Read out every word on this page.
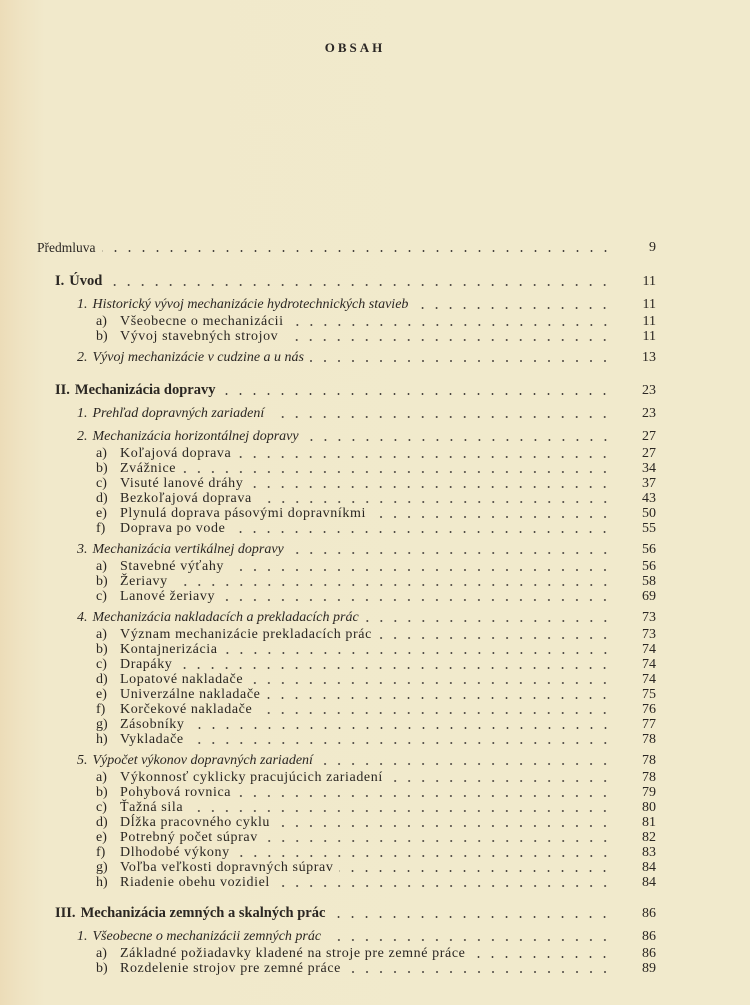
OBSAH
Předmluva	9
I. Úvod	11
1. Historický vývoj mechanizácie hydrotechnických stavieb	11
a) Všeobecne o mechanizácii	11
b) Vývoj stavebných strojov	11
2. Vývoj mechanizácie v cudzine a u nás	13
II. Mechanizácia dopravy	23
1. Prehľad dopravných zariadení	23
2. Mechanizácia horizontálnej dopravy	27
a) Koľajová doprava	27
b) Zvážnice	34
c) Visuté lanové dráhy	37
d) Bezkoľajová doprava	43
e) Plynulá doprava pásovými dopravníkmi	50
f)	Doprava po vode	55
3. Mechanizácia vertikálnej dopravy	56
a) Stavebné výťahy	56
b) Žeriavy	58
c) Lanové žeriavy	69
4. Mechanizácia nakladacích a prekladacích prác	73
a) Význam mechanizácie prekladacích prác	73
b) Kontajnerizácia	74
c) Drapáky	74
d) Lopatové nakladače	74
e) Univerzálne nakladače	75
f)	Korčekové nakladače	76
g) Zásobníky	77
h) Vykladače	78
5. Výpočet výkonov dopravných zariadení	78
a) Výkonnosť cyklicky pracujúcich zariadení	78
b) Pohybová rovnica	79
c) Ťažná sila	80
d) Dĺžka pracovného cyklu	81
e) Potrebný počet súprav	82
f)	Dlhodobé výkony	83
g) Voľba veľkosti dopravných súprav	84
h) Riadenie obehu vozidiel	84
III. Mechanizácia zemných a skalných prác	86
1. Všeobecne o mechanizácii zemných prác	86
a) Základné požiadavky kladené na stroje pre zemné práce	86
b) Rozdelenie strojov pre zemné práce	89
